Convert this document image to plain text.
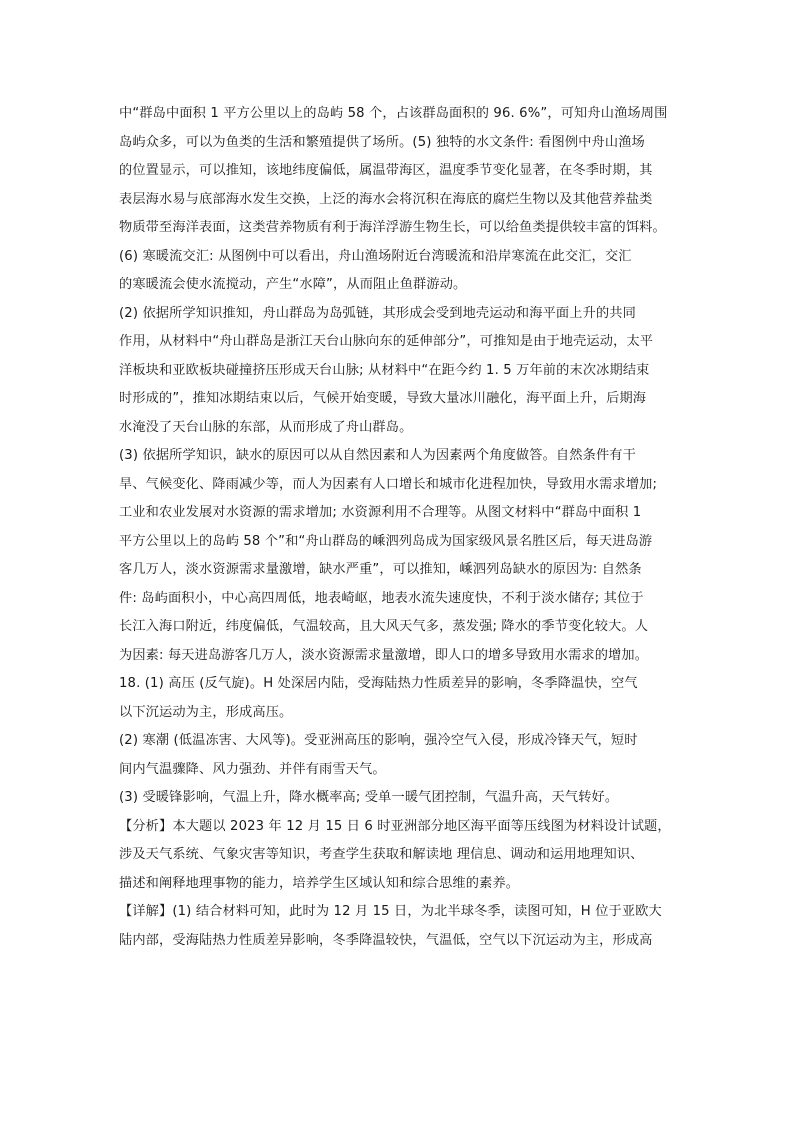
中“群岛中面积 1 平方公里以上的岛屿 58 个，占该群岛面积的 96. 6%”，可知舟山渔场周围
岛屿众多，可以为鱼类的生活和繁殖提供了场所。(5) 独特的水文条件: 看图例中舟山渔场
的位置显示，可以推知，该地纬度偏低，属温带海区，温度季节变化显著，在冬季时期，其
表层海水易与底部海水发生交换，上泛的海水会将沉积在海底的腐烂生物以及其他营养盐类
物质带至海洋表面，这类营养物质有利于海洋浮游生物生长，可以给鱼类提供较丰富的饵料。
(6) 寒暖流交汇: 从图例中可以看出，舟山渔场附近台湾暖流和沿岸寒流在此交汇，交汇
的寒暖流会使水流搅动，产生“水障”，从而阻止鱼群游动。
(2) 依据所学知识推知，舟山群岛为岛弧链，其形成会受到地壳运动和海平面上升的共同
作用，从材料中“舟山群岛是浙江天台山脉向东的延伸部分”，可推知是由于地壳运动，太平
洋板块和亚欧板块碰撞挤压形成天台山脉; 从材料中“在距今约 1. 5 万年前的末次冰期结束
时形成的”，推知冰期结束以后，气候开始变暖，导致大量冰川融化，海平面上升，后期海
水淹没了天台山脉的东部，从而形成了舟山群岛。
(3) 依据所学知识，缺水的原因可以从自然因素和人为因素两个角度做答。自然条件有干
旱、气候变化、降雨减少等，而人为因素有人口增长和城市化进程加快，导致用水需求增加;
工业和农业发展对水资源的需求增加; 水资源利用不合理等。从图文材料中“群岛中面积 1
平方公里以上的岛屿 58 个”和“舟山群岛的嵊泗列岛成为国家级风景名胜区后，每天进岛游
客几万人，淡水资源需求量激增，缺水严重”，可以推知，嵊泗列岛缺水的原因为: 自然条
件: 岛屿面积小，中心高四周低，地表崎岖，地表水流失速度快，不利于淡水储存; 其位于
长江入海口附近，纬度偏低，气温较高，且大风天气多，蒸发强; 降水的季节变化较大。人
为因素: 每天进岛游客几万人，淡水资源需求量激增，即人口的增多导致用水需求的增加。
18. (1) 高压 (反气旋)。H 处深居内陆，受海陆热力性质差异的影响，冬季降温快，空气
以下沉运动为主，形成高压。
(2) 寒潮 (低温冻害、大风等)。受亚洲高压的影响，强冷空气入侵，形成冷锋天气，短时
间内气温骤降、风力强劲、并伴有雨雪天气。
(3) 受暖锋影响，气温上升，降水概率高; 受单一暖气团控制，气温升高，天气转好。
【分析】本大题以 2023 年 12 月 15 日 6 时亚洲部分地区海平面等压线图为材料设计试题，
涉及天气系统、气象灾害等知识，考查学生获取和解读地 理信息、调动和运用地理知识、
描述和阐释地理事物的能力，培养学生区域认知和综合思维的素养。
【详解】(1) 结合材料可知，此时为 12 月 15 日，为北半球冬季，读图可知，H 位于亚欧大
陆内部，受海陆热力性质差异影响，冬季降温较快，气温低，空气以下沉运动为主，形成高
